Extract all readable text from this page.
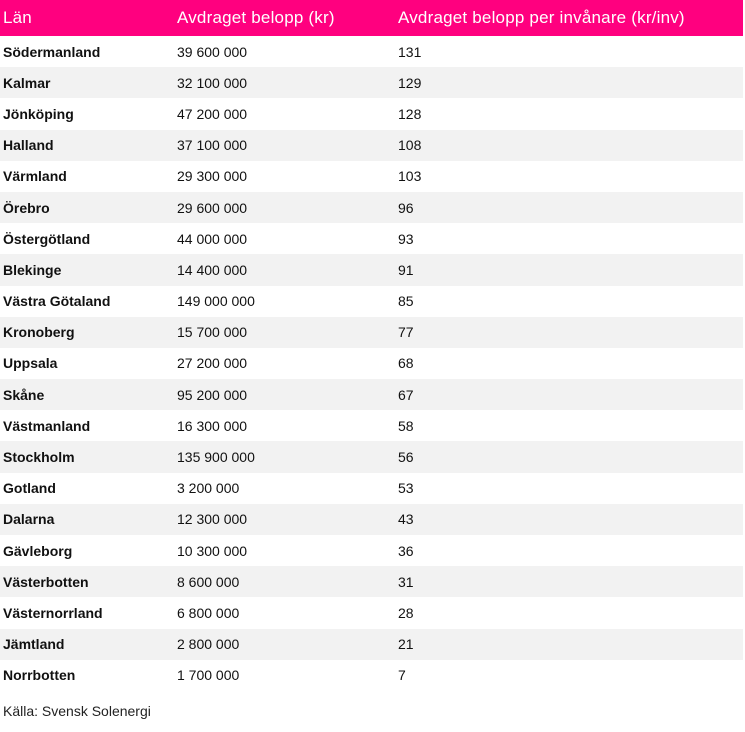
Län	Avdraget belopp (kr)	Avdraget belopp per invånare (kr/inv)
Södermanland	39 600 000	131
Kalmar	32 100 000	129
Jönköping	47 200 000	128
Halland	37 100 000	108
Värmland	29 300 000	103
Örebro	29 600 000	96
Östergötland	44 000 000	93
Blekinge	14 400 000	91
Västra Götaland	149 000 000	85
Kronoberg	15 700 000	77
Uppsala	27 200 000	68
Skåne	95 200 000	67
Västmanland	16 300 000	58
Stockholm	135 900 000	56
Gotland	3 200 000	53
Dalarna	12 300 000	43
Gävleborg	10 300 000	36
Västerbotten	8 600 000	31
Västernorrland	6 800 000	28
Jämtland	2 800 000	21
Norrbotten	1 700 000	7
Källa: Svensk Solenergi
